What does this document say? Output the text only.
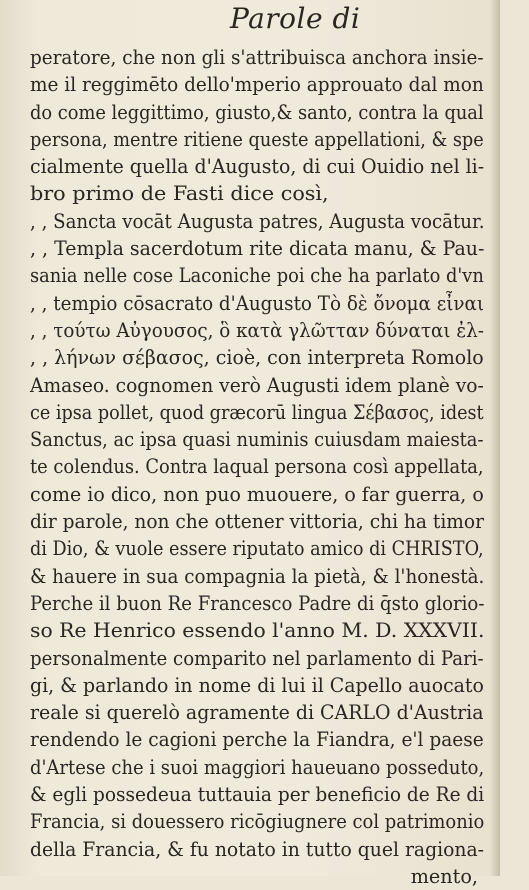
Parole di
peratore, che non gli s'attribuisca anchora insie-
me il reggimēto dello'mperio approuato dal mon
do come leggittimo, giusto,& santo, contra la qual
persona, mentre ritiene queste appellationi, & spe
cialmente quella d'Augusto, di cui Ouidio nel li-
bro primo de Fasti dice così,
, , Sancta vocāt Augusta patres, Augusta vocātur.
, , Templa sacerdotum rite dicata manu, & Pau-
sania nelle cose Laconiche poi che ha parlato d'vn
, , tempio cōsacrato d'Augusto Τὸ δὲ ὄνομα εἶναι
, , τούτω Αὐγουσος, ὃ κατὰ γλῶτταν δύναται ἐλ-
, , λήνων σέβασος, cioè, con interpreta Romolo
Amaseo. cognomen verò Augusti idem planè vo-
ce ipsa pollet, quod græcorū lingua Σέβασος, idest
Sanctus, ac ipsa quasi numinis cuiusdam maiesta-
te colendus. Contra laqual persona così appellata,
come io dico, non puo muouere, o far guerra, o
dir parole, non che ottener vittoria, chi ha timor
di Dio, & vuole essere riputato amico di CHRISTO,
& hauere in sua compagnia la pietà, & l'honestà.
Perche il buon Re Francesco Padre di q̄sto glorio-
so Re Henrico essendo l'anno M. D. XXXVII.
personalmente comparito nel parlamento di Pari-
gi, & parlando in nome di lui il Capello auocato
reale si querelò agramente di CARLO d'Austria
rendendo le cagioni perche la Fiandra, e'l paese
d'Artese che i suoi maggiori haueuano posseduto,
& egli possedeua tuttauia per beneficio de Re di
Francia, si douessero ricōgiugnere col patrimonio
della Francia, & fu notato in tutto quel ragiona-
mento,
